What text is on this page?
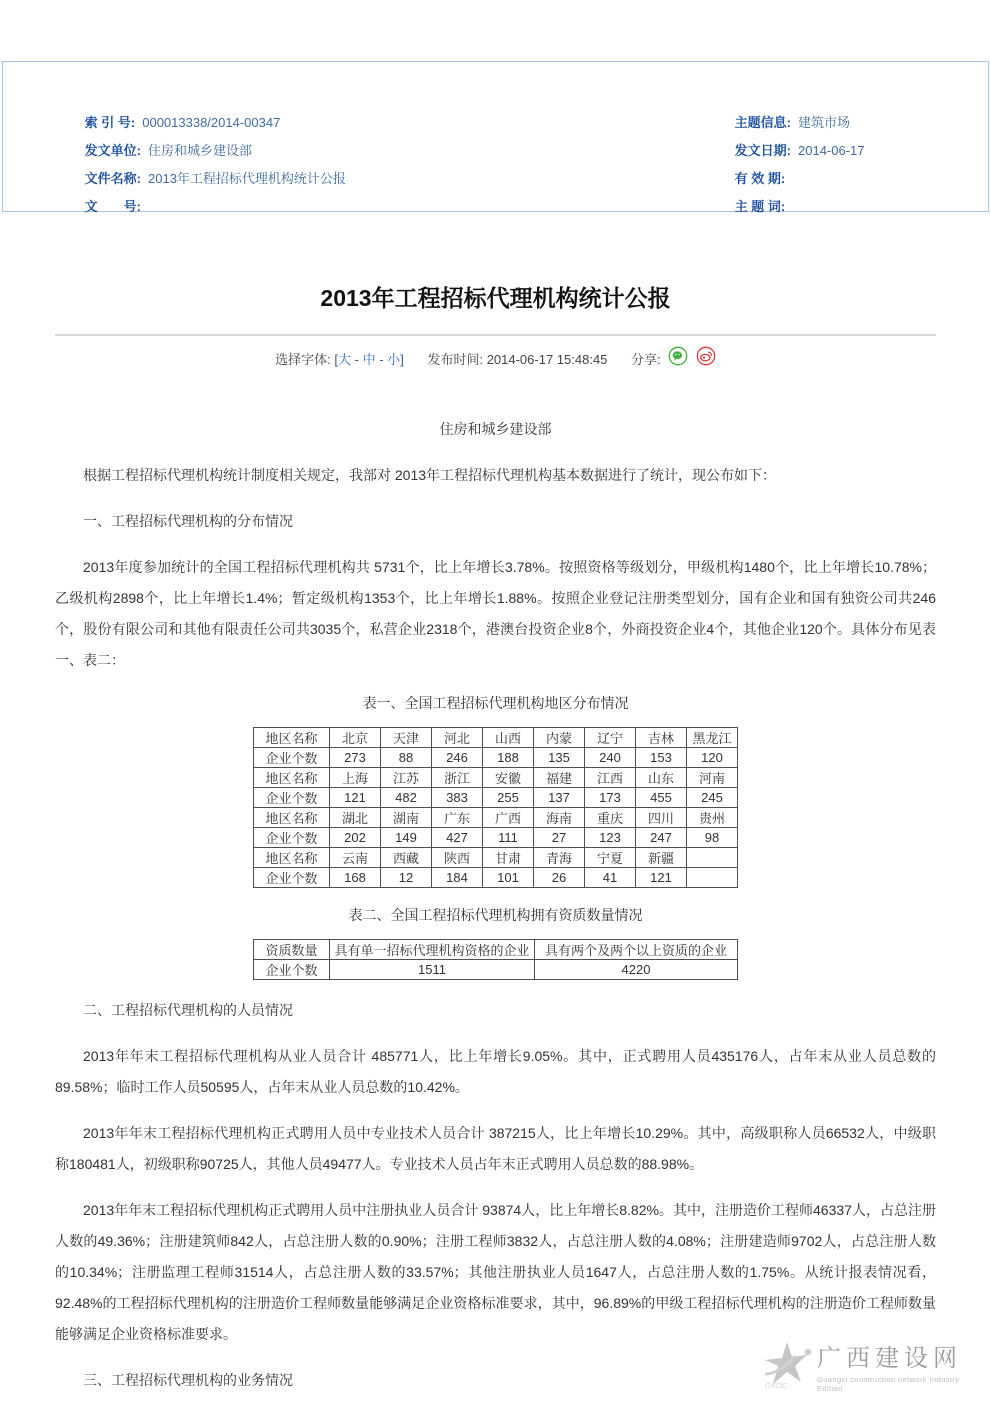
索 引 号: 000013338/2014-00347

发文单位: 住房和城乡建设部

文件名称: 2013年工程招标代理机构统计公报

文　　号:

主题信息: 建筑市场

发文日期: 2014-06-17

有 效 期:

主 题 词:

2013年工程招标代理机构统计公报
选择字体: [大 - 中 - 小] 发布时间: 2014-06-17 15:48:45 分享:

住房和城乡建设部

根据工程招标代理机构统计制度相关规定，我部对 2013年工程招标代理机构基本数据进行了统计，现公布如下：

一、工程招标代理机构的分布情况

2013年度参加统计的全国工程招标代理机构共 5731个，比上年增长3.78%。按照资格等级划分，甲级机构1480个，比上年增长10.78%；乙级机构2898个，比上年增长1.4%；暂定级机构1353个，比上年增长1.88%。按照企业登记注册类型划分，国有企业和国有独资公司共246个，股份有限公司和其他有限责任公司共3035个，私营企业2318个，港澳台投资企业8个，外商投资企业4个，其他企业120个。具体分布见表一、表二：

表一、全国工程招标代理机构地区分布情况

地区名称	北京	天津	河北	山西	内蒙	辽宁	吉林	黑龙江
企业个数	273	88	246	188	135	240	153	120
地区名称	上海	江苏	浙江	安徽	福建	江西	山东	河南
企业个数	121	482	383	255	137	173	455	245
地区名称	湖北	湖南	广东	广西	海南	重庆	四川	贵州
企业个数	202	149	427	111	27	123	247	98
地区名称	云南	西藏	陕西	甘肃	青海	宁夏	新疆	
企业个数	168	12	184	101	26	41	121	

表二、全国工程招标代理机构拥有资质数量情况

资质数量	具有单一招标代理机构资格的企业	具有两个及两个以上资质的企业
企业个数	1511	4220

二、工程招标代理机构的人员情况

2013年年末工程招标代理机构从业人员合计 485771人，比上年增长9.05%。其中，正式聘用人员435176人，占年末从业人员总数的89.58%；临时工作人员50595人，占年末从业人员总数的10.42%。

2013年年末工程招标代理机构正式聘用人员中专业技术人员合计 387215人，比上年增长10.29%。其中，高级职称人员66532人，中级职称180481人，初级职称90725人，其他人员49477人。专业技术人员占年末正式聘用人员总数的88.98%。

2013年年末工程招标代理机构正式聘用人员中注册执业人员合计 93874人，比上年增长8.82%。其中，注册造价工程师46337人，占总注册人数的49.36%；注册建筑师842人，占总注册人数的0.90%；注册工程师3832人，占总注册人数的4.08%；注册建造师9702人，占总注册人数的10.34%；注册监理工程师31514人，占总注册人数的33.57%；其他注册执业人员1647人，占总注册人数的1.75%。从统计报表情况看，92.48%的工程招标代理机构的注册造价工程师数量能够满足企业资格标准要求，其中，96.89%的甲级工程招标代理机构的注册造价工程师数量能够满足企业资格标准要求。

三、工程招标代理机构的业务情况	GXCIC
广西建设网
Guangxi construction network Industry Edition
